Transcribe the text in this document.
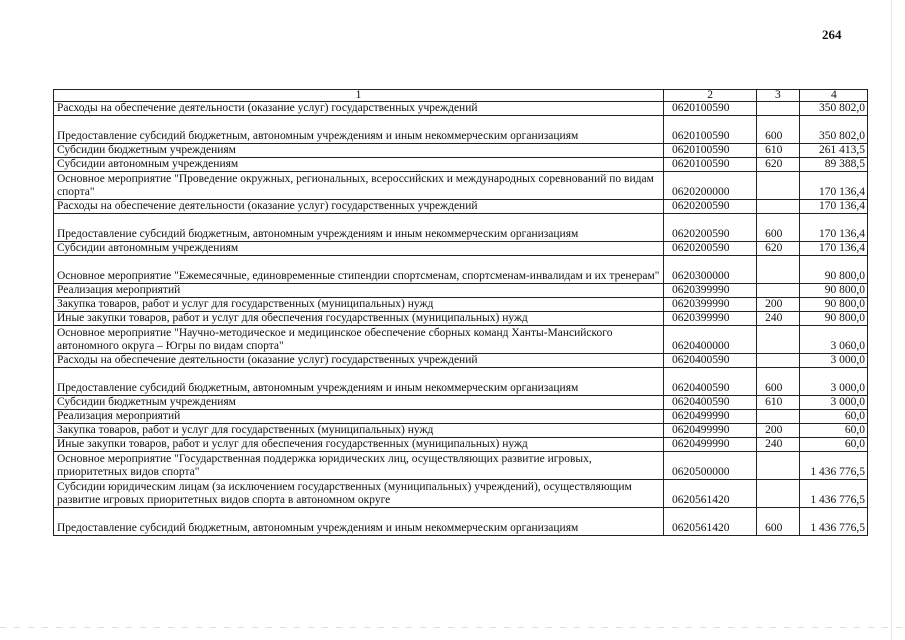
264
1	2	3	4
Расходы на обеспечение деятельности (оказание услуг) государственных учреждений	0620100590		350 802,0
Предоставление субсидий бюджетным, автономным учреждениям и иным некоммерческим организациям	0620100590	600	350 802,0
Субсидии бюджетным учреждениям	0620100590	610	261 413,5
Субсидии автономным учреждениям	0620100590	620	89 388,5
Основное мероприятие "Проведение окружных, региональных, всероссийских и международных соревнований по видам спорта"	0620200000		170 136,4
Расходы на обеспечение деятельности (оказание услуг) государственных учреждений	0620200590		170 136,4
Предоставление субсидий бюджетным, автономным учреждениям и иным некоммерческим организациям	0620200590	600	170 136,4
Субсидии автономным учреждениям	0620200590	620	170 136,4
Основное мероприятие "Ежемесячные, единовременные стипендии спортсменам, спортсменам-инвалидам и их тренерам"	0620300000		90 800,0
Реализация мероприятий	0620399990		90 800,0
Закупка товаров, работ и услуг для государственных (муниципальных) нужд	0620399990	200	90 800,0
Иные закупки товаров, работ и услуг для обеспечения государственных (муниципальных) нужд	0620399990	240	90 800,0
Основное мероприятие "Научно-методическое и медицинское обеспечение сборных команд Ханты-Мансийского автономного округа – Югры по видам спорта"	0620400000		3 060,0
Расходы на обеспечение деятельности (оказание услуг) государственных учреждений	0620400590		3 000,0
Предоставление субсидий бюджетным, автономным учреждениям и иным некоммерческим организациям	0620400590	600	3 000,0
Субсидии бюджетным учреждениям	0620400590	610	3 000,0
Реализация мероприятий	0620499990		60,0
Закупка товаров, работ и услуг для государственных (муниципальных) нужд	0620499990	200	60,0
Иные закупки товаров, работ и услуг для обеспечения государственных (муниципальных) нужд	0620499990	240	60,0
Основное мероприятие "Государственная поддержка юридических лиц, осуществляющих развитие игровых, приоритетных видов спорта"	0620500000		1 436 776,5
Субсидии юридическим лицам (за исключением государственных (муниципальных) учреждений), осуществляющим развитие игровых приоритетных видов спорта в автономном округе	0620561420		1 436 776,5
Предоставление субсидий бюджетным, автономным учреждениям и иным некоммерческим организациям	0620561420	600	1 436 776,5
